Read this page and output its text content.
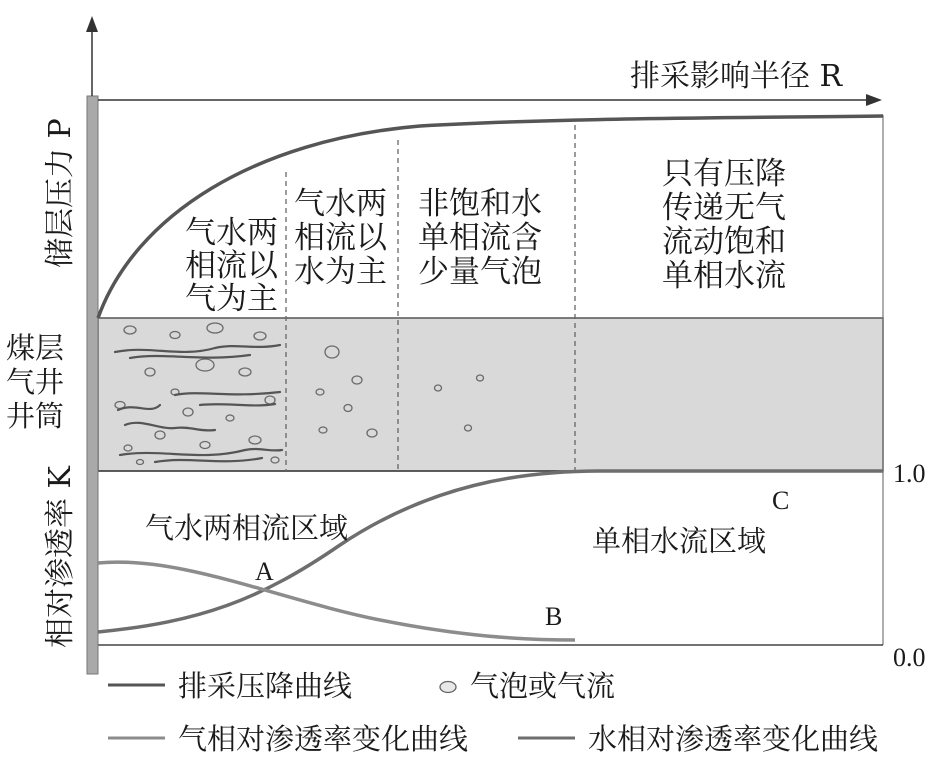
排采影响半径 R
储层压力 P
相对渗透率 K
煤层
气井
井筒
气水两
相流以
气为主
气水两
相流以
水为主
非饱和水
单相流含
少量气泡
只有压降
传递无气
流动饱和
单相水流
气水两相流区域	单相水流区域
A
B
C
1.0
0.0
排采压降曲线	气泡或气流
气相对渗透率变化曲线	水相对渗透率变化曲线
